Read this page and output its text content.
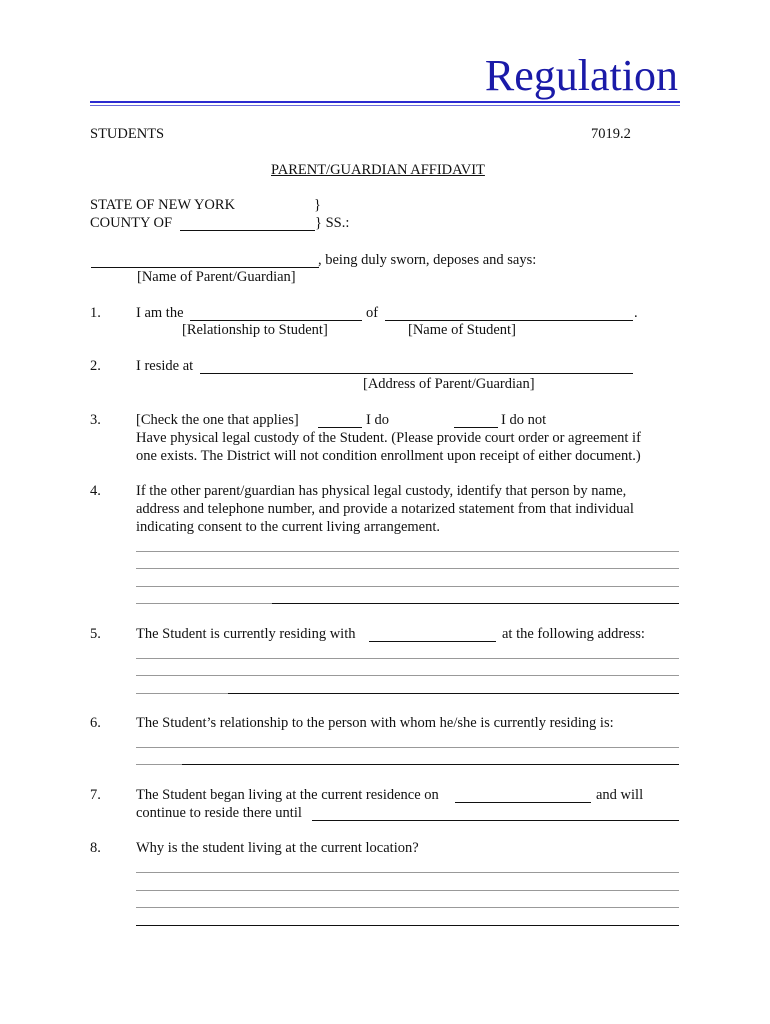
Regulation
STUDENTS	7019.2
PARENT/GUARDIAN AFFIDAVIT
STATE OF NEW YORK	}
COUNTY OF	} SS.:
, being duly sworn, deposes and says:
[Name of Parent/Guardian]
1. I am the	of	.
[Relationship to Student]	[Name of Student]
2. I reside at
[Address of Parent/Guardian]
3. [Check the one that applies]	I do	I do not
Have physical legal custody of the Student. (Please provide court order or agreement if
one exists. The District will not condition enrollment upon receipt of either document.)
4. If the other parent/guardian has physical legal custody, identify that person by name,
address and telephone number, and provide a notarized statement from that individual
indicating consent to the current living arrangement.
5. The Student is currently residing with	at the following address:
6. The Student’s relationship to the person with whom he/she is currently residing is:
7. The Student began living at the current residence on	and will
continue to reside there until
8. Why is the student living at the current location?
